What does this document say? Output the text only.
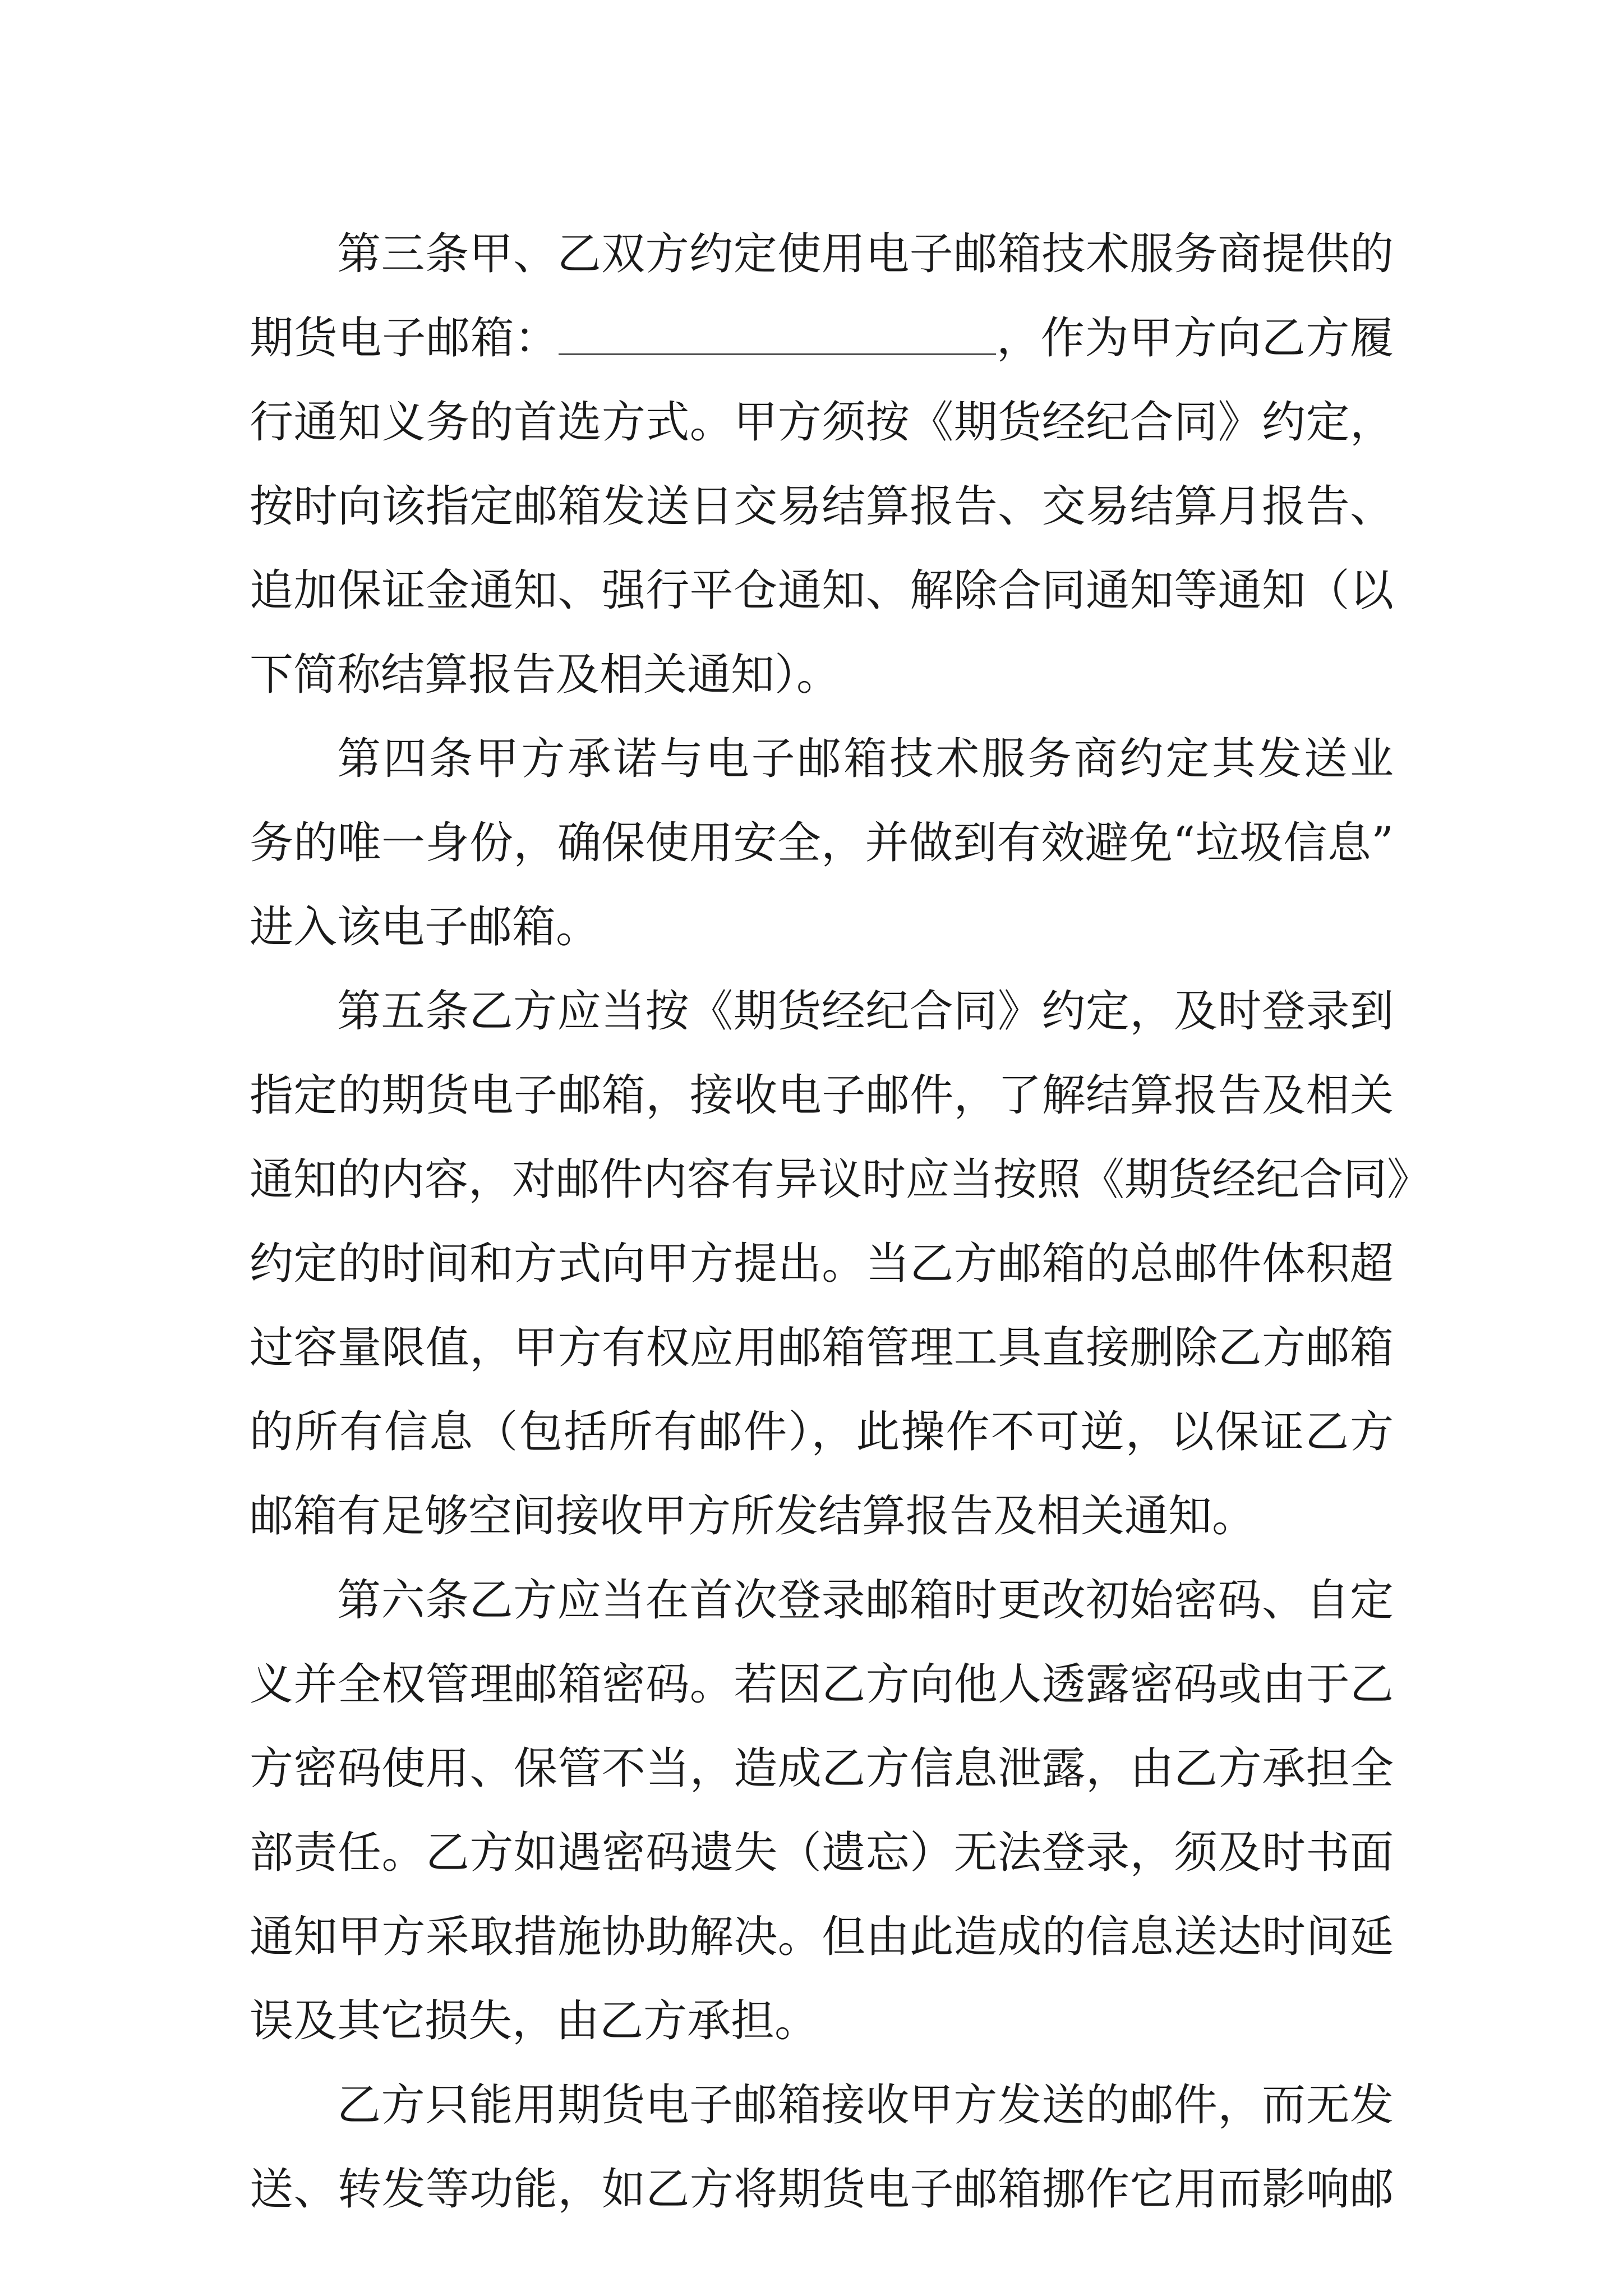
第三条甲、乙双方约定使用电子邮箱技术服务商提供的
期货电子邮箱：	，作为甲方向乙方履
行通知义务的首选方式。甲方须按《期货经纪合同》约定，
按时向该指定邮箱发送日交易结算报告、交易结算月报告、
追加保证金通知、强行平仓通知、解除合同通知等通知（以
下简称结算报告及相关通知）。
第四条甲方承诺与电子邮箱技术服务商约定其发送业
务的唯一身份，确保使用安全，并做到有效避免“垃圾信息”
进入该电子邮箱。
第五条乙方应当按《期货经纪合同》约定，及时登录到
指定的期货电子邮箱，接收电子邮件，了解结算报告及相关
通知的内容，对邮件内容有异议时应当按照《期货经纪合同》
约定的时间和方式向甲方提出。当乙方邮箱的总邮件体积超
过容量限值，甲方有权应用邮箱管理工具直接删除乙方邮箱
的所有信息（包括所有邮件），此操作不可逆，以保证乙方
邮箱有足够空间接收甲方所发结算报告及相关通知。
第六条乙方应当在首次登录邮箱时更改初始密码、自定
义并全权管理邮箱密码。若因乙方向他人透露密码或由于乙
方密码使用、保管不当，造成乙方信息泄露，由乙方承担全
部责任。乙方如遇密码遗失（遗忘）无法登录，须及时书面
通知甲方采取措施协助解决。但由此造成的信息送达时间延
误及其它损失，由乙方承担。
乙方只能用期货电子邮箱接收甲方发送的邮件，而无发
送、转发等功能，如乙方将期货电子邮箱挪作它用而影响邮
